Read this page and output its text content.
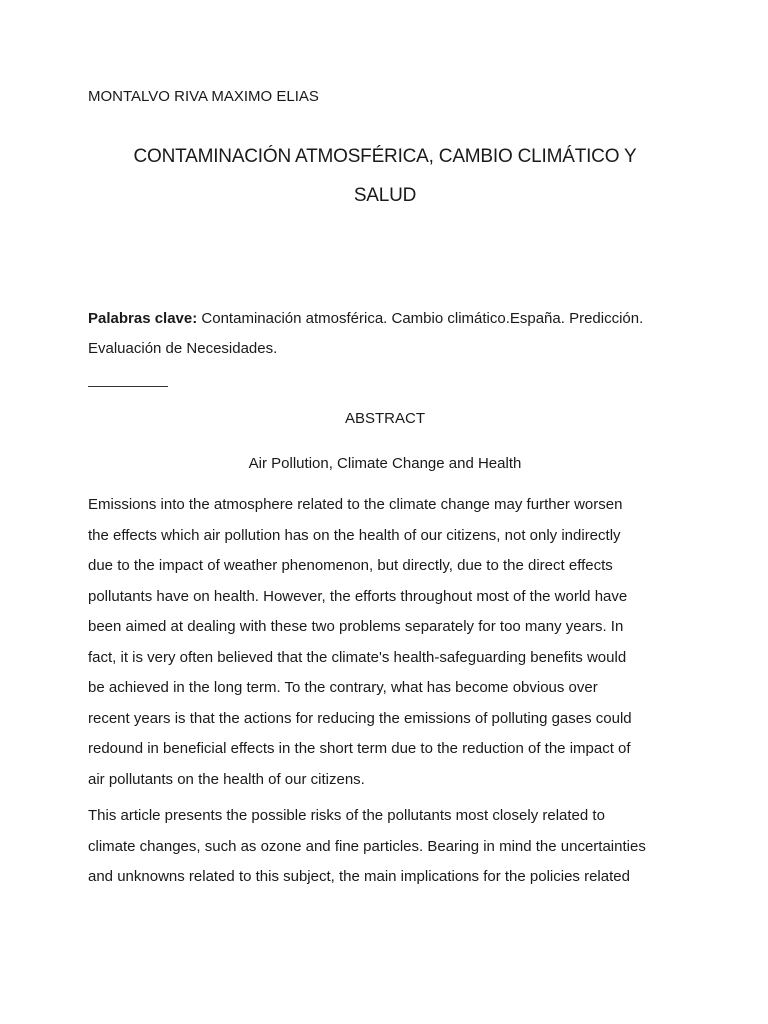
MONTALVO RIVA MAXIMO ELIAS
CONTAMINACIÓN ATMOSFÉRICA, CAMBIO CLIMÁTICO Y
SALUD
Palabras clave: Contaminación atmosférica. Cambio climático.España. Predicción.
Evaluación de Necesidades.
ABSTRACT
Air Pollution, Climate Change and Health
Emissions into the atmosphere related to the climate change may further worsen
the effects which air pollution has on the health of our citizens, not only indirectly
due to the impact of weather phenomenon, but directly, due to the direct effects
pollutants have on health. However, the efforts throughout most of the world have
been aimed at dealing with these two problems separately for too many years. In
fact, it is very often believed that the climate's health-safeguarding benefits would
be achieved in the long term. To the contrary, what has become obvious over
recent years is that the actions for reducing the emissions of polluting gases could
redound in beneficial effects in the short term due to the reduction of the impact of
air pollutants on the health of our citizens.
This article presents the possible risks of the pollutants most closely related to
climate changes, such as ozone and fine particles. Bearing in mind the uncertainties
and unknowns related to this subject, the main implications for the policies related
